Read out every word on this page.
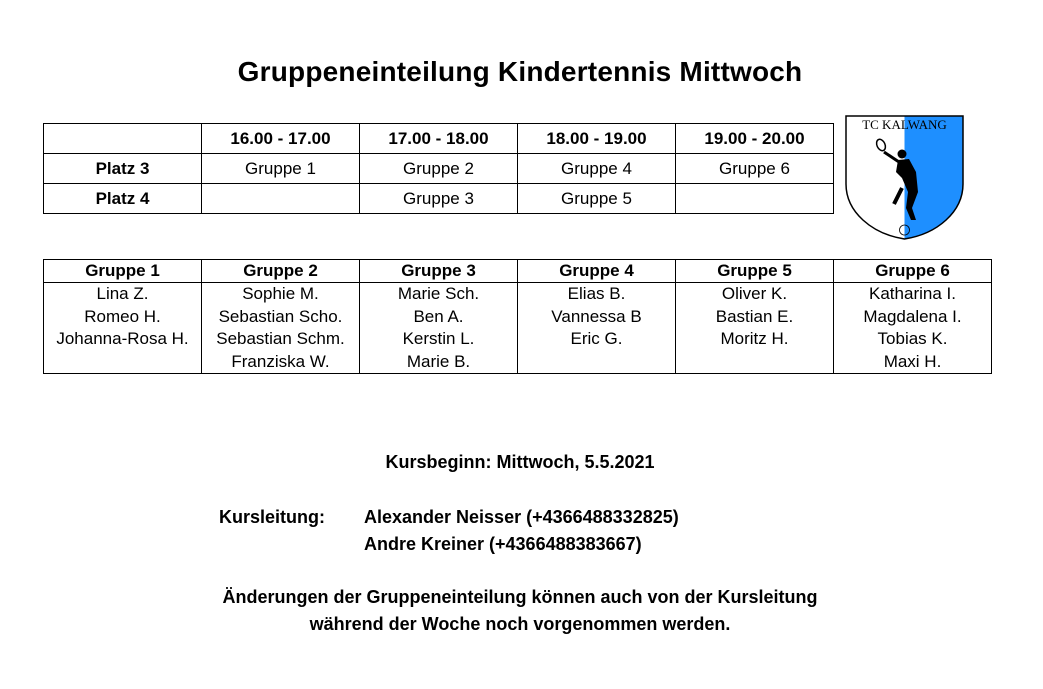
Gruppeneinteilung Kindertennis Mittwoch
	16.00 - 17.00	17.00 - 18.00	18.00 - 19.00	19.00 - 20.00
Platz 3	Gruppe 1	Gruppe 2	Gruppe 4	Gruppe 6
Platz 4		Gruppe 3	Gruppe 5	
TC KALWANG
Gruppe 1	Gruppe 2	Gruppe 3	Gruppe 4	Gruppe 5	Gruppe 6
Lina Z.	Sophie M.	Marie Sch.	Elias B.	Oliver K.	Katharina I.
Romeo H.	Sebastian Scho.	Ben A.	Vannessa B	Bastian E.	Magdalena I.
Johanna-Rosa H.	Sebastian Schm.	Kerstin L.	Eric G.	Moritz H.	Tobias K.
	Franziska W.	Marie B.			Maxi H.
Kursbeginn: Mittwoch, 5.5.2021
Kursleitung: Alexander Neisser (+4366488332825)
Andre Kreiner (+4366488383667)
Änderungen der Gruppeneinteilung können auch von der Kursleitung
während der Woche noch vorgenommen werden.
